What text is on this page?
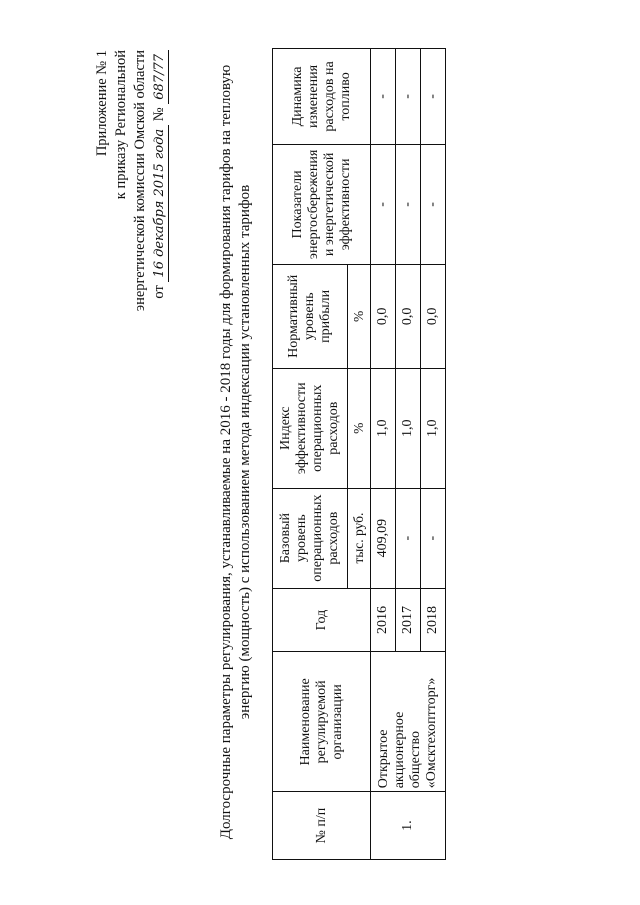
Приложение № 1 к приказу Региональной энергетической комиссии Омской области от 16 декабря 2015 года № 687/77	Долгосрочные параметры регулирования, устанавливаемые на 2016 - 2018 годы для формирования тарифов на тепловую энергию (мощность) с использованием метода индексации установленных тарифов
№ п/п	Наименование регулируемой организации	Год	Базовый уровень операционных расходов	Индекс эффективности операционных расходов	Нормативный уровень прибыли	Показатели энергосбережения и энергетической эффективности	Динамика изменения расходов на топливо
			тыс. руб.	%	%		
1.	Открытое акционерное общество «Омсктехоптторг»	2016	409,09	1,0	0,0	-	-
		2017	-	1,0	0,0	-	-
		2018	-	1,0	0,0	-	-
